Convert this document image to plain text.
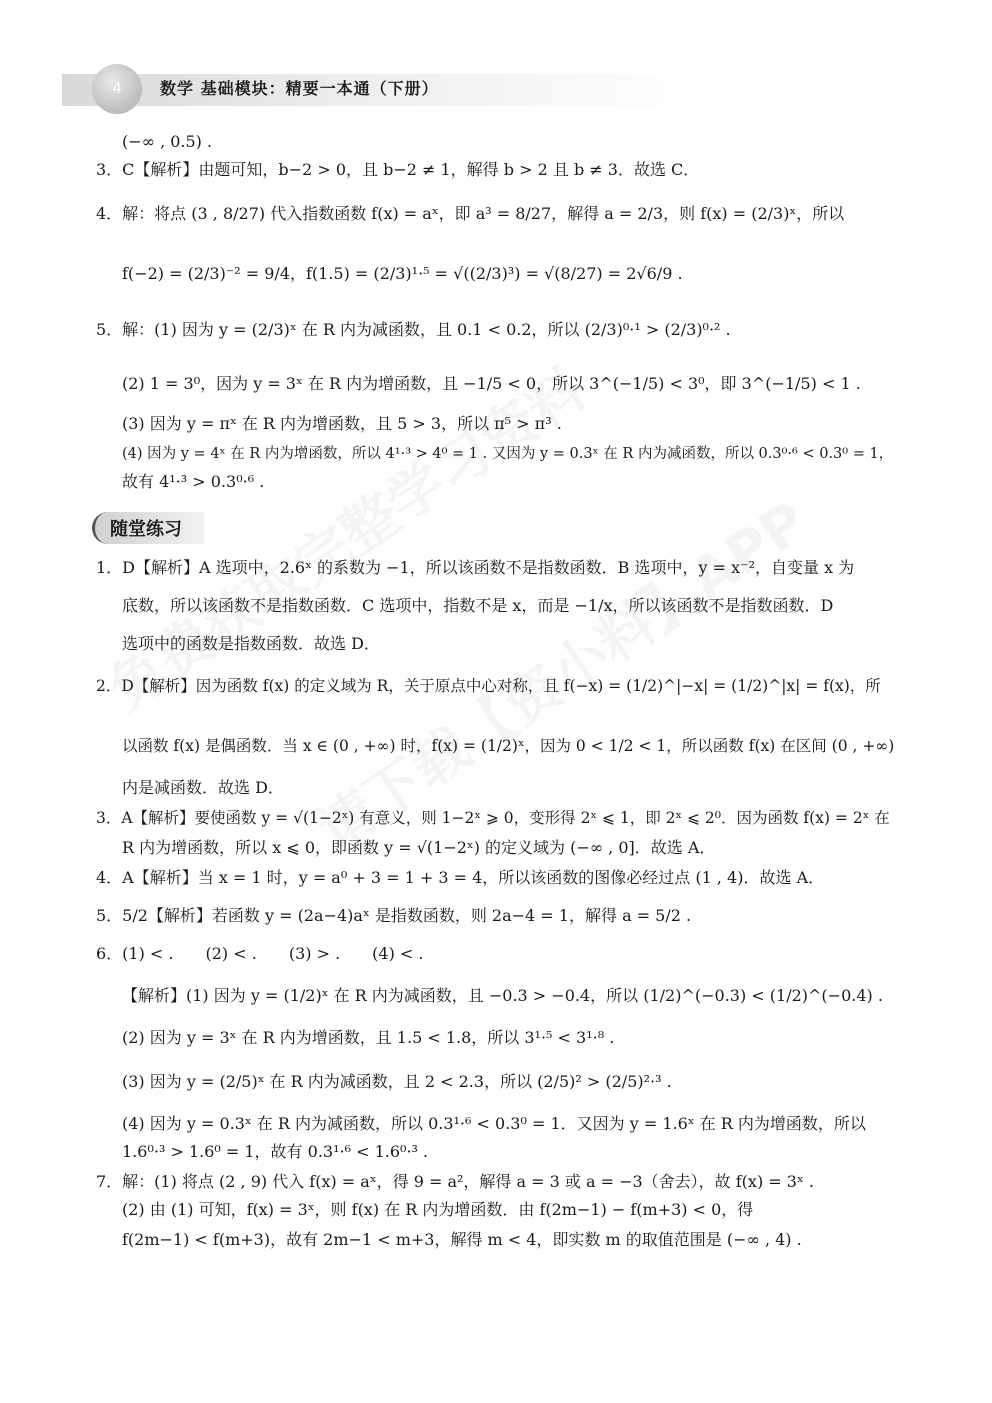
4	数学 基础模块：精要一本通（下册）
(−∞ , 0.5) .
3．C【解析】由题可知，b−2 > 0，且 b−2 ≠ 1，解得 b > 2 且 b ≠ 3．故选 C．
4．解：将点 (3 , 8/27) 代入指数函数 f(x) = aˣ，即 a³ = 8/27，解得 a = 2/3，则 f(x) = (2/3)ˣ，所以
f(−2) = (2/3)⁻² = 9/4，f(1.5) = (2/3)¹·⁵ = √((2/3)³) = √(8/27) = 2√6/9 .
5．解：(1) 因为 y = (2/3)ˣ 在 R 内为减函数，且 0.1 < 0.2，所以 (2/3)⁰·¹ > (2/3)⁰·² .
(2) 1 = 3⁰，因为 y = 3ˣ 在 R 内为增函数，且 −1/5 < 0，所以 3^(−1/5) < 3⁰，即 3^(−1/5) < 1 .
(3) 因为 y = πˣ 在 R 内为增函数，且 5 > 3，所以 π⁵ > π³ .
(4) 因为 y = 4ˣ 在 R 内为增函数，所以 4¹·³ > 4⁰ = 1 . 又因为 y = 0.3ˣ 在 R 内为减函数，所以 0.3⁰·⁶ < 0.3⁰ = 1，
故有 4¹·³ > 0.3⁰·⁶ .
随堂练习
1．D【解析】A 选项中，2.6ˣ 的系数为 −1，所以该函数不是指数函数．B 选项中，y = x⁻²，自变量 x 为
底数，所以该函数不是指数函数．C 选项中，指数不是 x，而是 −1/x，所以该函数不是指数函数．D
选项中的函数是指数函数．故选 D．
2．D【解析】因为函数 f(x) 的定义域为 R，关于原点中心对称，且 f(−x) = (1/2)^|−x| = (1/2)^|x| = f(x)，所
以函数 f(x) 是偶函数．当 x ∈ (0 , +∞) 时，f(x) = (1/2)ˣ，因为 0 < 1/2 < 1，所以函数 f(x) 在区间 (0 , +∞)
内是减函数．故选 D．
3．A【解析】要使函数 y = √(1−2ˣ) 有意义，则 1−2ˣ ⩾ 0，变形得 2ˣ ⩽ 1，即 2ˣ ⩽ 2⁰．因为函数 f(x) = 2ˣ 在
R 内为增函数，所以 x ⩽ 0，即函数 y = √(1−2ˣ) 的定义域为 (−∞ , 0]．故选 A．
4．A【解析】当 x = 1 时，y = a⁰ + 3 = 1 + 3 = 4，所以该函数的图像必经过点 (1 , 4)．故选 A．
5．5/2【解析】若函数 y = (2a−4)aˣ 是指数函数，则 2a−4 = 1，解得 a = 5/2 .
6．(1) < .　　(2) < .　　(3) > .　　(4) < .
【解析】(1) 因为 y = (1/2)ˣ 在 R 内为减函数，且 −0.3 > −0.4，所以 (1/2)^(−0.3) < (1/2)^(−0.4) .
(2) 因为 y = 3ˣ 在 R 内为增函数，且 1.5 < 1.8，所以 3¹·⁵ < 3¹·⁸ .
(3) 因为 y = (2/5)ˣ 在 R 内为减函数，且 2 < 2.3，所以 (2/5)² > (2/5)²·³ .
(4) 因为 y = 0.3ˣ 在 R 内为减函数，所以 0.3¹·⁶ < 0.3⁰ = 1．又因为 y = 1.6ˣ 在 R 内为增函数，所以
1.6⁰·³ > 1.6⁰ = 1，故有 0.3¹·⁶ < 1.6⁰·³ .
7．解：(1) 将点 (2 , 9) 代入 f(x) = aˣ，得 9 = a²，解得 a = 3 或 a = −3（舍去），故 f(x) = 3ˣ .
(2) 由 (1) 可知，f(x) = 3ˣ，则 f(x) 在 R 内为增函数．由 f(2m−1) − f(m+3) < 0，得
f(2m−1) < f(m+3)，故有 2m−1 < m+3，解得 m < 4，即实数 m 的取值范围是 (−∞ , 4) .
